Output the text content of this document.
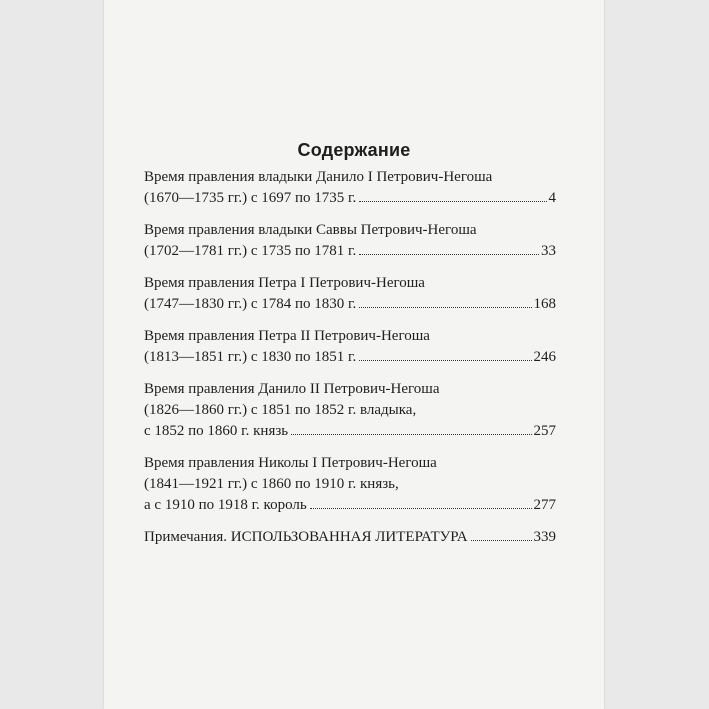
Содержание
Время правления владыки Данило I Петрович-Негоша
(1670—1735 гг.) с 1697 по 1735 г.	4
Время правления владыки Саввы Петрович-Негоша
(1702—1781 гг.) с 1735 по 1781 г.	33
Время правления Петра I Петрович-Негоша
(1747—1830 гг.) с 1784 по 1830 г.	168
Время правления Петра II Петрович-Негоша
(1813—1851 гг.) с 1830 по 1851 г.	246
Время правления Данило II Петрович-Негоша
(1826—1860 гг.) с 1851 по 1852 г. владыка,
с 1852 по 1860 г. князь	257
Время правления Николы I Петрович-Негоша
(1841—1921 гг.) с 1860 по 1910 г. князь,
а с 1910 по 1918 г. король	277
Примечания. ИСПОЛЬЗОВАННАЯ ЛИТЕРАТУРА	339
